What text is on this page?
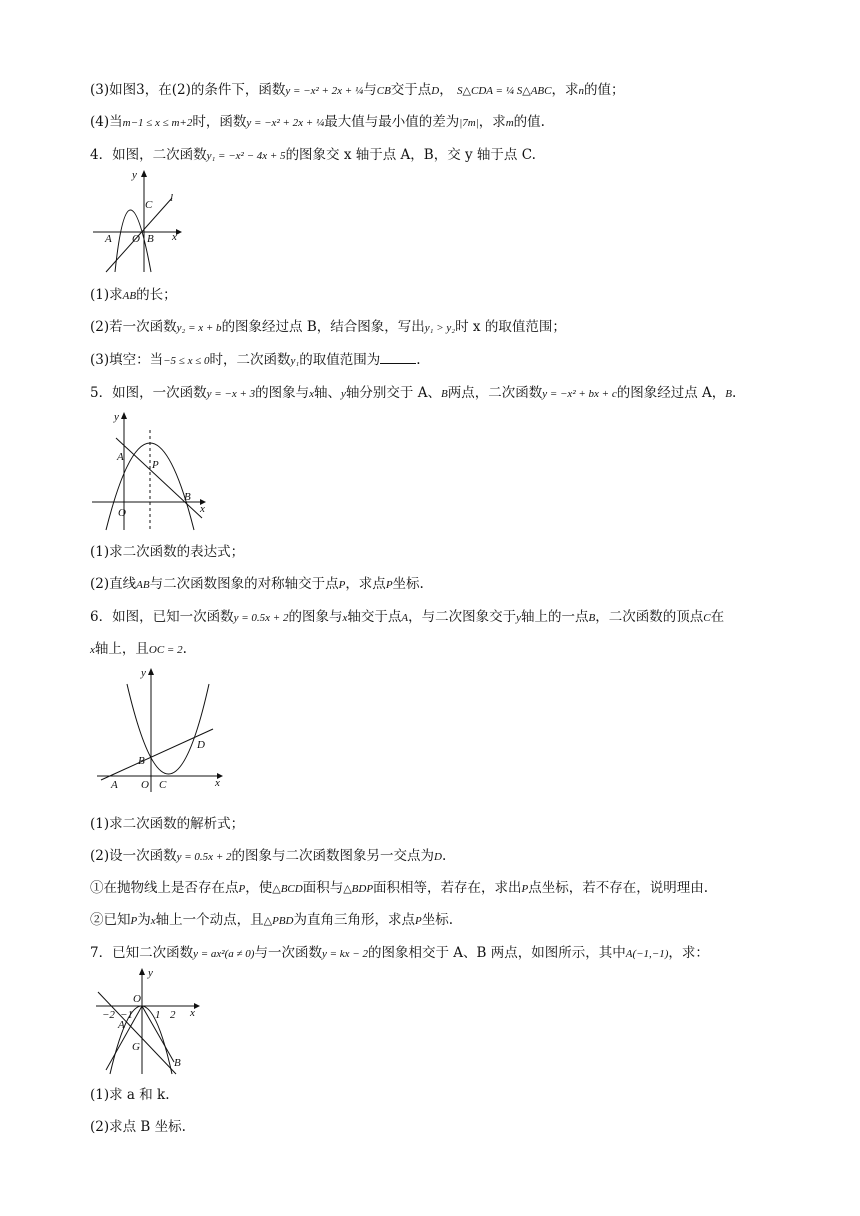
(3)如图3，在(2)的条件下，函数y = −x² + 2x + ¼与CB交于点D， S△CDA = ¼ S△ABC，求n的值；
(4)当m−1 ≤ x ≤ m+2时，函数y = −x² + 2x + ¼最大值与最小值的差为|7m|，求m的值.
4．如图，二次函数y₁ = −x² − 4x + 5的图象交 x 轴于点 A，B，交 y 轴于点 C.
y
C
l
A O B x
(1)求AB的长；
(2)若一次函数y₂ = x + b的图象经过点 B，结合图象，写出y₁ > y₂时 x 的取值范围；
(3)填空：当−5 ≤ x ≤ 0时，二次函数y₁的取值范围为	.
5．如图，一次函数y = −x + 3的图象与x轴、y轴分别交于 A、B两点，二次函数y = −x² + bx + c的图象经过点 A，B.
y
A
P
B
O	x
(1)求二次函数的表达式；
(2)直线AB与二次函数图象的对称轴交于点P，求点P坐标.
6．如图，已知一次函数y = 0.5x + 2的图象与x轴交于点A，与二次图象交于y轴上的一点B，二次函数的顶点C在
x轴上，且OC = 2.
y
D
B
A O C	x
(1)求二次函数的解析式；
(2)设一次函数y = 0.5x + 2的图象与二次函数图象另一交点为D.
①在抛物线上是否存在点P，使△BCD面积与△BDP面积相等，若存在，求出P点坐标，若不存在，说明理由.
②已知P为x轴上一个动点，且△PBD为直角三角形，求点P坐标.
7．已知二次函数y = ax²(a ≠ 0)与一次函数y = kx − 2的图象相交于 A、B 两点，如图所示，其中A(−1,−1)，求：
y
O
−2 −1 1 2 x
A
G
B
(1)求 a 和 k.
(2)求点 B 坐标.
